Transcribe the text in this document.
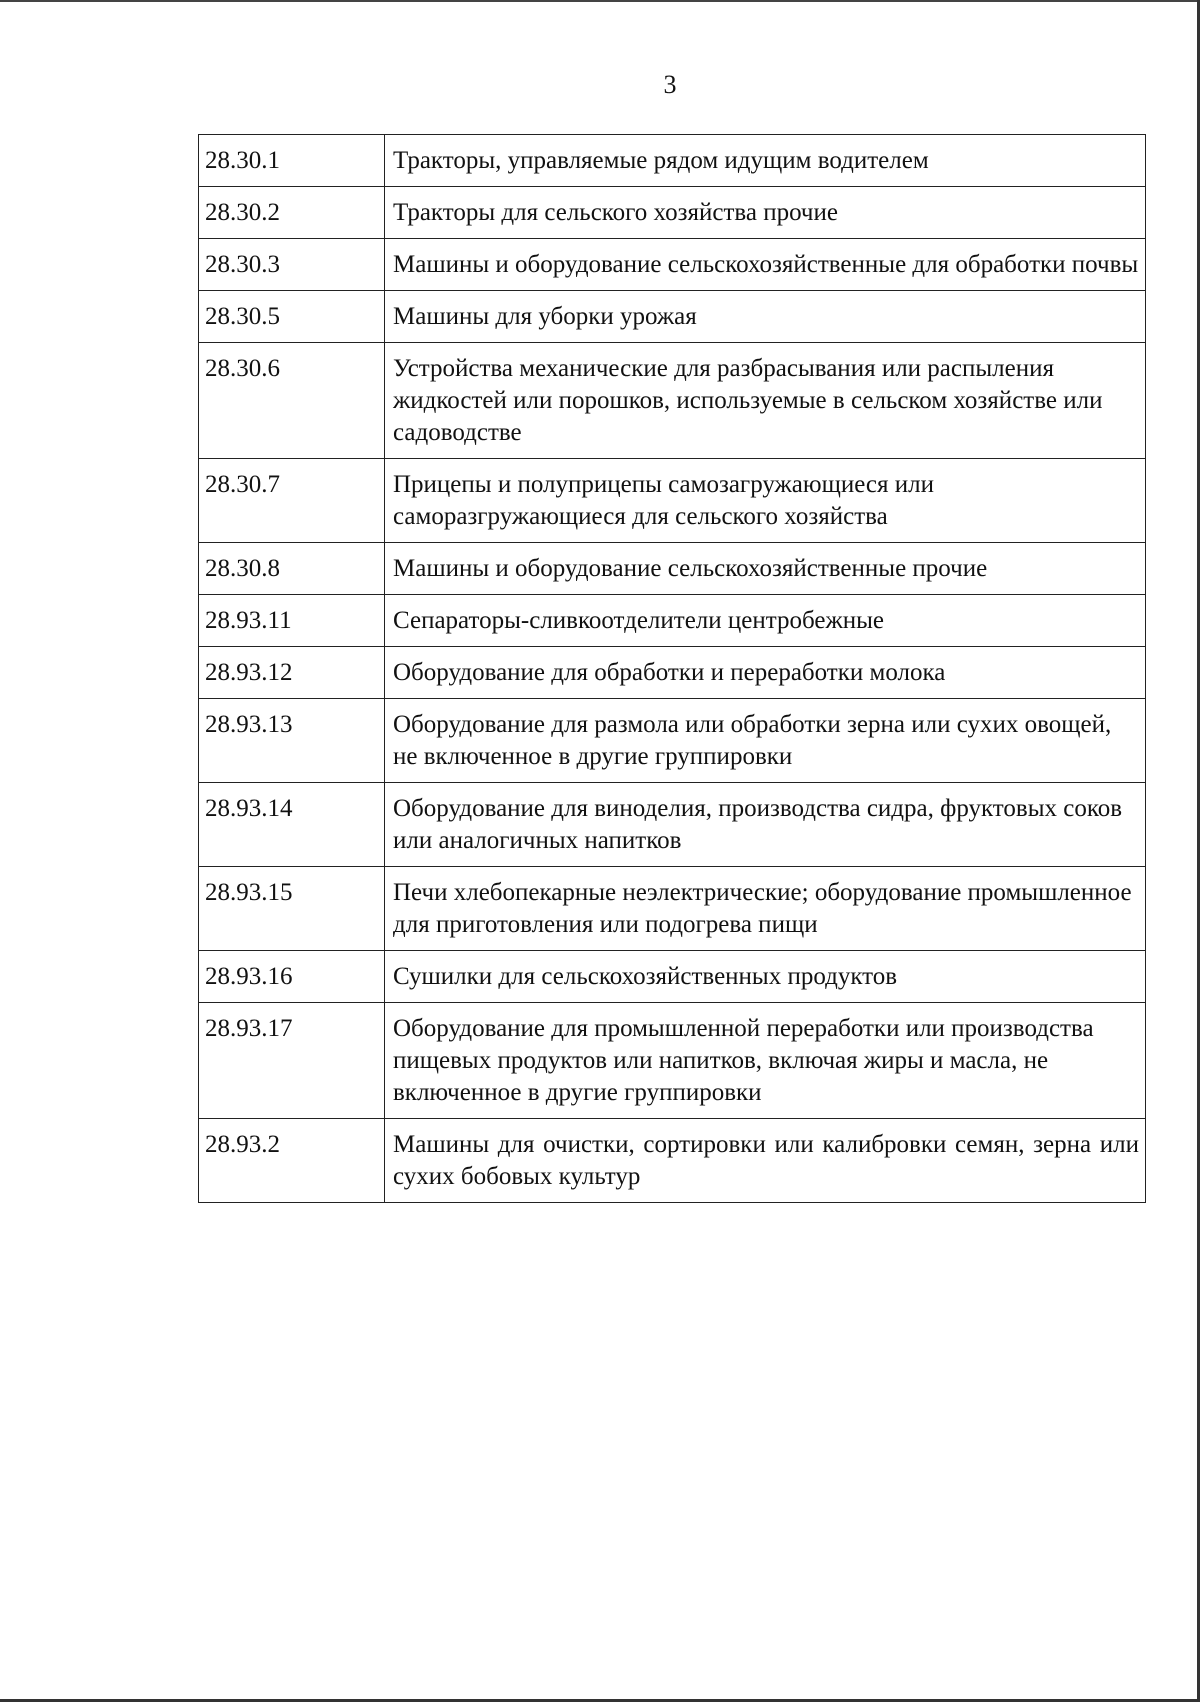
3
28.30.1	Тракторы, управляемые рядом идущим водителем
28.30.2	Тракторы для сельского хозяйства прочие
28.30.3	Машины и оборудование сельскохозяйственные для обработки почвы
28.30.5	Машины для уборки урожая
28.30.6	Устройства механические для разбрасывания или распыления жидкостей или порошков, используемые в сельском хозяйстве или садоводстве
28.30.7	Прицепы и полуприцепы самозагружающиеся или саморазгружающиеся для сельского хозяйства
28.30.8	Машины и оборудование сельскохозяйственные прочие
28.93.11	Сепараторы-сливкоотделители центробежные
28.93.12	Оборудование для обработки и переработки молока
28.93.13	Оборудование для размола или обработки зерна или сухих овощей, не включенное в другие группировки
28.93.14	Оборудование для виноделия, производства сидра, фруктовых соков или аналогичных напитков
28.93.15	Печи хлебопекарные неэлектрические; оборудование промышленное для приготовления или подогрева пищи
28.93.16	Сушилки для сельскохозяйственных продуктов
28.93.17	Оборудование для промышленной переработки или производства пищевых продуктов или напитков, включая жиры и масла, не включенное в другие группировки
28.93.2	Машины для очистки, сортировки или калибровки семян, зерна или сухих бобовых культур
